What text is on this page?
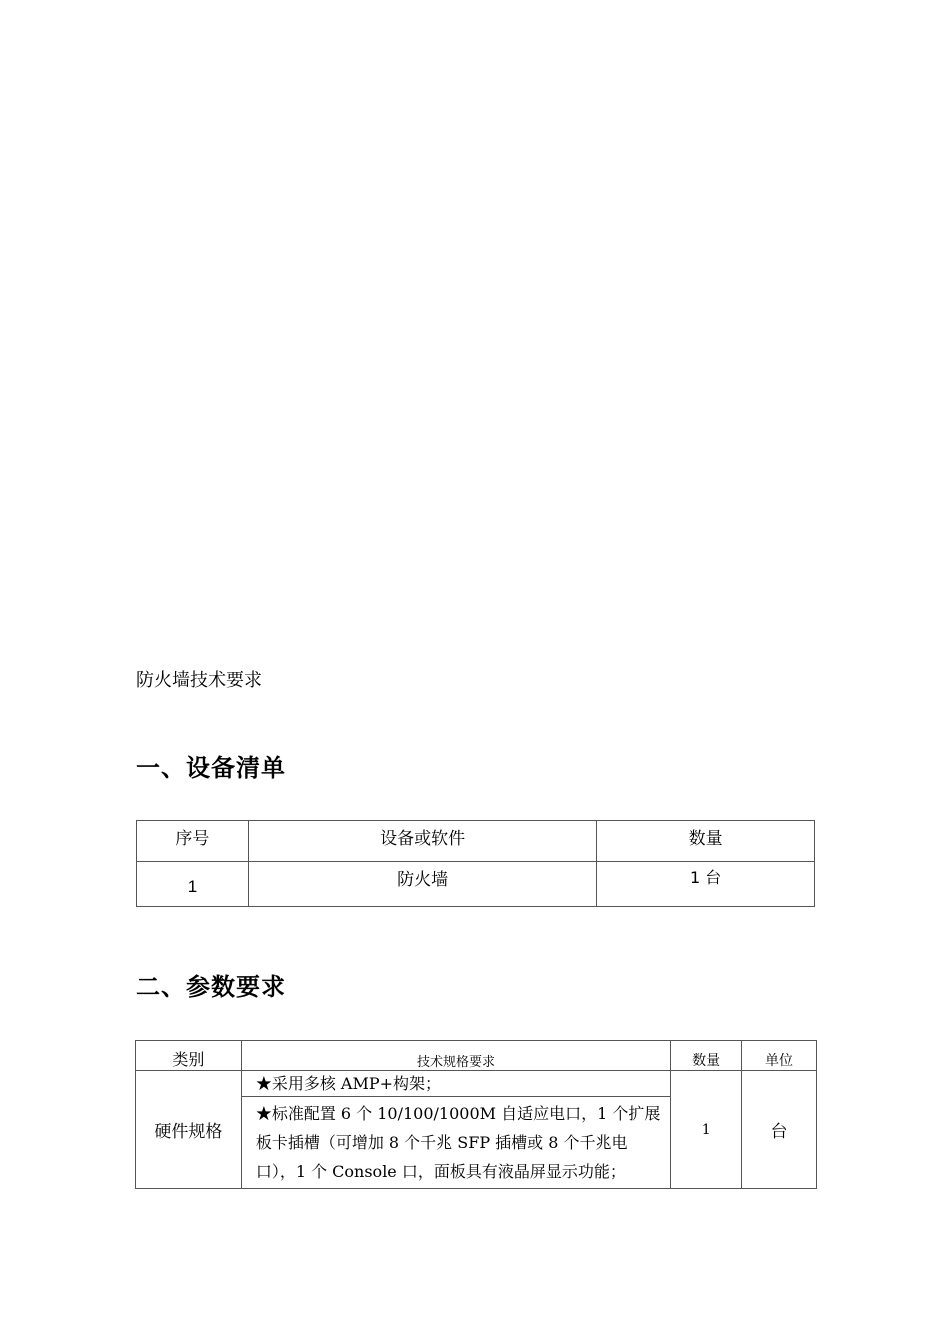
防火墙技术要求
一、设备清单
序号	设备或软件	数量
1	防火墙	1 台
二、参数要求
类别	技术规格要求	数量	单位
硬件规格	★采用多核 AMP+构架；	1	台
	★标准配置 6 个 10/100/1000M 自适应电口，1 个扩展板卡插槽（可增加 8 个千兆 SFP 插槽或 8 个千兆电口），1 个 Console 口，面板具有液晶屏显示功能；		
